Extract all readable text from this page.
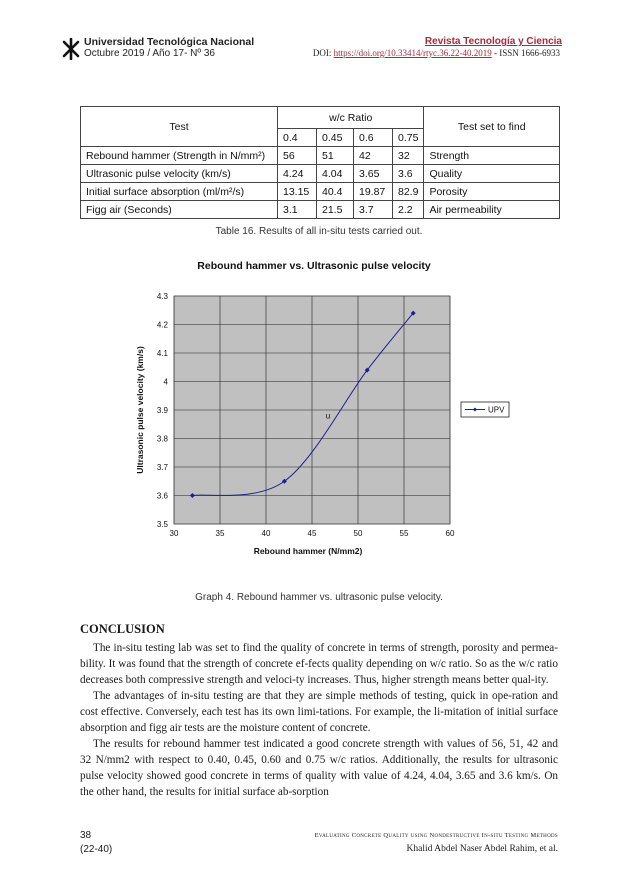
Universidad Tecnológica Nacional
Octubre 2019 / Año 17- Nº 36
Revista Tecnología y Ciencia
DOI: https://doi.org/10.33414/rtyc.36.22-40.2019 - ISSN 1666-6933
Test	w/c Ratio				Test set to find
	0.4	0.45	0.6	0.75	
Rebound hammer (Strength in N/mm²)	56	51	42	32	Strength
Ultrasonic pulse velocity (km/s)	4.24	4.04	3.65	3.6	Quality
Initial surface absorption (ml/m²/s)	13.15	40.4	19.87	82.9	Porosity
Figg air (Seconds)	3.1	21.5	3.7	2.2	Air permeability
Table 16. Results of all in-situ tests carried out.
Rebound hammer vs. Ultrasonic pulse velocity
3.5
3.6
3.7
3.8
3.9
4
4.1
4.2
4.3
30	35	40	45	50	55	60
Rebound hammer (N/mm2)
Ultrasonic pulse velocity (km/s)	u
UPV
Graph 4. Rebound hammer vs. ultrasonic pulse velocity.
CONCLUSION

The in-situ testing lab was set to find the quality of concrete in terms of strength, porosity and permea-bility. It was found that the strength of concrete ef-fects quality depending on w/c ratio. So as the w/c ratio decreases both compressive strength and veloci-ty increases. Thus, higher strength means better qual-ity.

The advantages of in-situ testing are that they are simple methods of testing, quick in ope-ration and cost effective. Conversely, each test has its own limi-tations. For example, the li-mitation of initial surface absorption and figg air tests are the moisture content of concrete.

The results for rebound hammer test indicated a good concrete strength with values of 56, 51, 42 and 32 N/mm2 with respect to 0.40, 0.45, 0.60 and 0.75 w/c ratios. Additionally, the results for ultrasonic pulse velocity showed good concrete in terms of quality with value of 4.24, 4.04, 3.65 and 3.6 km/s. On the other hand, the results for initial surface ab-sorption

38
(22-40)
Evaluating Concrete Quality using Nondestructive In-situ Testing Methods
Khalid Abdel Naser Abdel Rahim, et al.
